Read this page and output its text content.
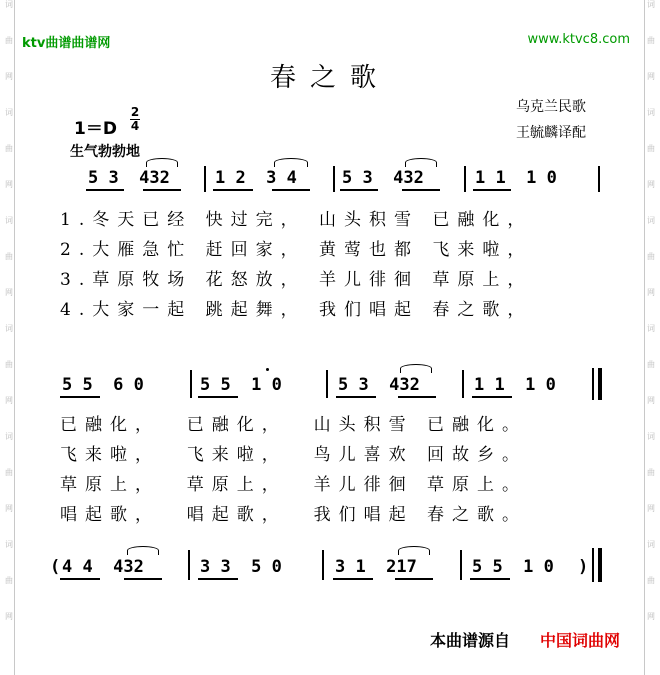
词
曲
网
词
曲
网
词
曲
网
词
曲
网
词
曲
网
词
曲
网
词
曲
网
词
曲
网
词
曲
网
词
曲
网
词
曲
网
词
曲
网
ktv曲谱曲谱网	www.ktvc8.com
春之歌
乌克兰民歌
王毓麟译配
1＝D
2
4
生气勃勃地
5 3  432	1 2  3 4	5 3  432	1 1  1 0
1.冬天已经 快过完， 山头积雪 已融化，
2.大雁急忙 赶回家， 黄莺也都 飞来啦，
3.草原牧场 花怒放， 羊儿徘徊 草原上，
4.大家一起 跳起舞， 我们唱起 春之歌，
5 5  6 0	5 5  1 0	5 3  432	1 1  1 0
已融化，  已融化，  山头积雪 已融化。
飞来啦，  飞来啦，  鸟儿喜欢 回故乡。
草原上，  草原上，  羊儿徘徊 草原上。
唱起歌，  唱起歌，  我们唱起 春之歌。
( 4 4  432	3 3  5 0	3 1  217	5 5  1 0 )
本曲谱源自 中国词曲网
